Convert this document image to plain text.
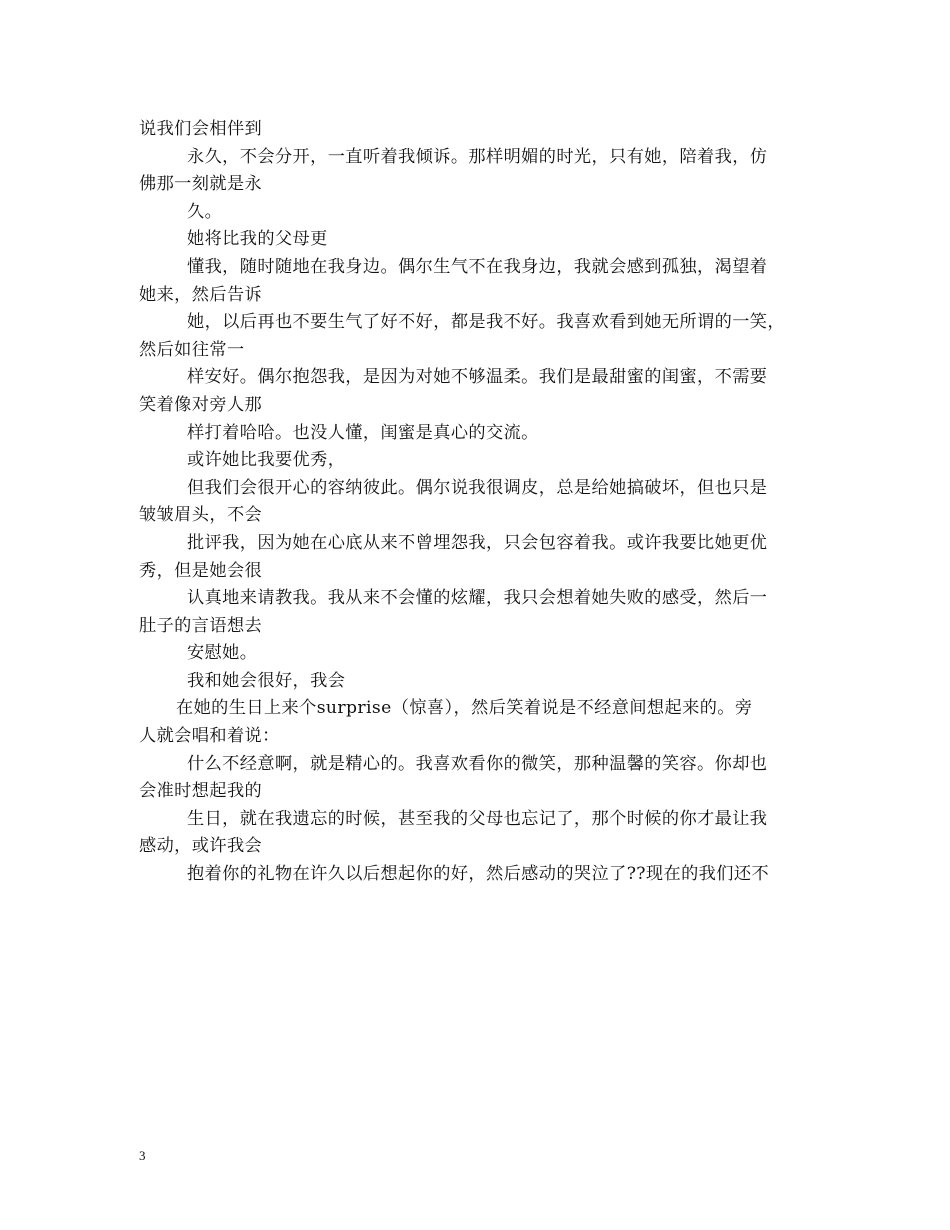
说我们会相伴到
永久，不会分开，一直听着我倾诉。那样明媚的时光，只有她，陪着我，仿
佛那一刻就是永
久。
她将比我的父母更
懂我，随时随地在我身边。偶尔生气不在我身边，我就会感到孤独，渴望着
她来，然后告诉
她，以后再也不要生气了好不好，都是我不好。我喜欢看到她无所谓的一笑，
然后如往常一
样安好。偶尔抱怨我，是因为对她不够温柔。我们是最甜蜜的闺蜜，不需要
笑着像对旁人那
样打着哈哈。也没人懂，闺蜜是真心的交流。
或许她比我要优秀，
但我们会很开心的容纳彼此。偶尔说我很调皮，总是给她搞破坏，但也只是
皱皱眉头，不会
批评我，因为她在心底从来不曾埋怨我，只会包容着我。或许我要比她更优
秀，但是她会很
认真地来请教我。我从来不会懂的炫耀，我只会想着她失败的感受，然后一
肚子的言语想去
安慰她。
我和她会很好，我会
在她的生日上来个surprise（惊喜），然后笑着说是不经意间想起来的。旁
人就会唱和着说：
什么不经意啊，就是精心的。我喜欢看你的微笑，那种温馨的笑容。你却也
会准时想起我的
生日，就在我遗忘的时候，甚至我的父母也忘记了，那个时候的你才最让我
感动，或许我会
抱着你的礼物在许久以后想起你的好，然后感动的哭泣了??现在的我们还不
3
